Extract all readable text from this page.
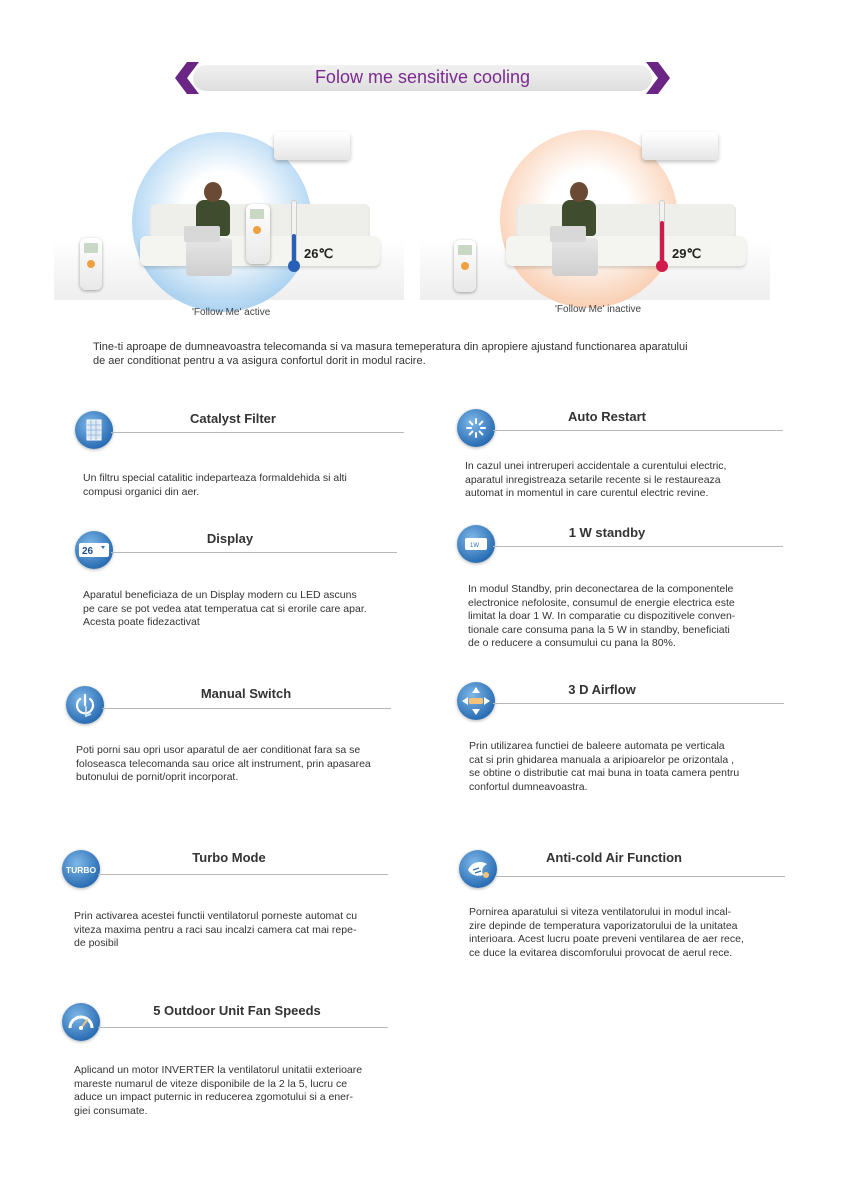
Folow me sensitive cooling
26℃
'Follow Me' active
29℃
'Follow Me' inactive
Tine-ti aproape de dumneavoastra telecomanda si va masura temeperatura din apropiere ajustand functionarea aparatului de aer conditionat pentru a va asigura confortul dorit in modul racire.
Catalyst Filter
Un filtru special catalitic indeparteaza formaldehida si alti
compusi organici din aer.
Auto Restart
In cazul unei intreruperi accidentale a curentului electric,
aparatul inregistreaza setarile recente si le restaureaza
automat in momentul in care curentul electric revine.
26
Display
Aparatul beneficiaza de un Display modern cu LED ascuns
pe care se pot vedea atat temperatua cat si erorile care apar.
Acesta poate fidezactivat
1W
1 W standby
In modul Standby, prin deconectarea de la componentele
electronice nefolosite, consumul de energie electrica este
limitat la doar 1 W. In comparatie cu dispozitivele conven-
tionale care consuma pana la 5 W in standby, beneficiati
de o reducere a consumului cu pana la 80%.
Manual Switch
Poti porni sau opri usor aparatul de aer conditionat fara sa se
foloseasca telecomanda sau orice alt instrument, prin apasarea
butonului de pornit/oprit incorporat.
3 D Airflow
Prin utilizarea functiei de baleere automata pe verticala
cat si prin ghidarea manuala a aripioarelor pe orizontala ,
se obtine o distributie cat mai buna in toata camera pentru
confortul dumneavoastra.
TURBO
Turbo Mode
Prin activarea acestei functii ventilatorul porneste automat cu
viteza maxima pentru a raci sau incalzi camera cat mai repe-
de posibil
Anti-cold Air Function
Pornirea aparatului si viteza ventilatorului in modul incal-
zire depinde de temperatura vaporizatorului de la unitatea
interioara. Acest lucru poate preveni ventilarea de aer rece,
ce duce la evitarea discomforului provocat de aerul rece.
5 Outdoor Unit Fan Speeds
Aplicand un motor INVERTER la ventilatorul unitatii exterioare
mareste numarul de viteze disponibile de la 2 la 5, lucru ce
aduce un impact puternic in reducerea zgomotului si a ener-
giei consumate.
